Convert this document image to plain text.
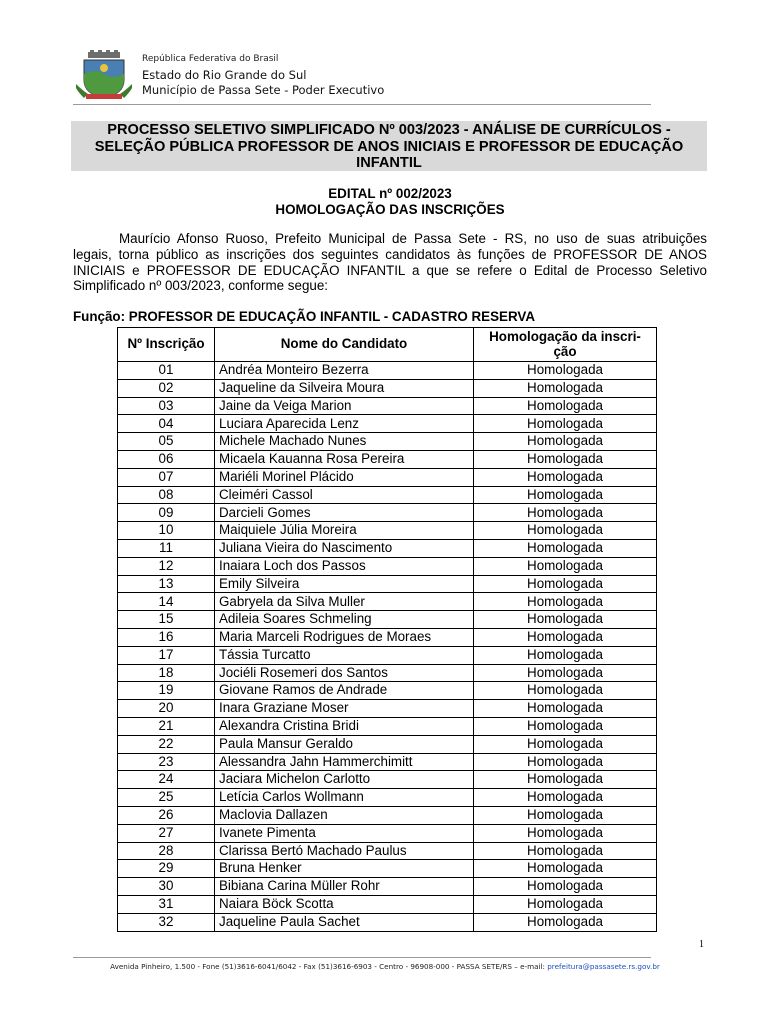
República Federativa do Brasil
Estado do Rio Grande do Sul
Município de Passa Sete - Poder Executivo
PROCESSO SELETIVO SIMPLIFICADO Nº 003/2023 - ANÁLISE DE CURRÍCULOS -
SELEÇÃO PÚBLICA PROFESSOR DE ANOS INICIAIS E PROFESSOR DE EDUCAÇÃO
INFANTIL
EDITAL nº 002/2023
HOMOLOGAÇÃO DAS INSCRIÇÕES
Maurício Afonso Ruoso, Prefeito Municipal de Passa Sete - RS, no uso de suas atribuições
legais, torna público as inscrições dos seguintes candidatos às funções de PROFESSOR DE ANOS
INICIAIS e PROFESSOR DE EDUCAÇÃO INFANTIL a que se refere o Edital de Processo Seletivo
Simplificado nº 003/2023, conforme segue:
Função: PROFESSOR DE EDUCAÇÃO INFANTIL - CADASTRO RESERVA
Nº Inscrição	Nome do Candidato	Homologação da inscri-
ção
01	Andréa Monteiro Bezerra	Homologada
02	Jaqueline da Silveira Moura	Homologada
03	Jaine da Veiga Marion	Homologada
04	Luciara Aparecida Lenz	Homologada
05	Michele Machado Nunes	Homologada
06	Micaela Kauanna Rosa Pereira	Homologada
07	Mariéli Morinel Plácido	Homologada
08	Cleiméri Cassol	Homologada
09	Darcieli Gomes	Homologada
10	Maiquiele Júlia Moreira	Homologada
11	Juliana Vieira do Nascimento	Homologada
12	Inaiara Loch dos Passos	Homologada
13	Emily Silveira	Homologada
14	Gabryela da Silva Muller	Homologada
15	Adileia Soares Schmeling	Homologada
16	Maria Marceli Rodrigues de Moraes	Homologada
17	Tássia Turcatto	Homologada
18	Jociéli Rosemeri dos Santos	Homologada
19	Giovane Ramos de Andrade	Homologada
20	Inara Graziane Moser	Homologada
21	Alexandra Cristina Bridi	Homologada
22	Paula Mansur Geraldo	Homologada
23	Alessandra Jahn Hammerchimitt	Homologada
24	Jaciara Michelon Carlotto	Homologada
25	Letícia Carlos Wollmann	Homologada
26	Maclovia Dallazen	Homologada
27	Ivanete Pimenta	Homologada
28	Clarissa Bertó Machado Paulus	Homologada
29	Bruna Henker	Homologada
30	Bibiana Carina Müller Rohr	Homologada
31	Naiara Böck Scotta	Homologada
32	Jaqueline Paula Sachet	Homologada
1
Avenida Pinheiro, 1.500 - Fone (51)3616-6041/6042 - Fax (51)3616-6903 - Centro - 96908-000 - PASSA SETE/RS – e-mail: prefeitura@passasete.rs.gov.br
